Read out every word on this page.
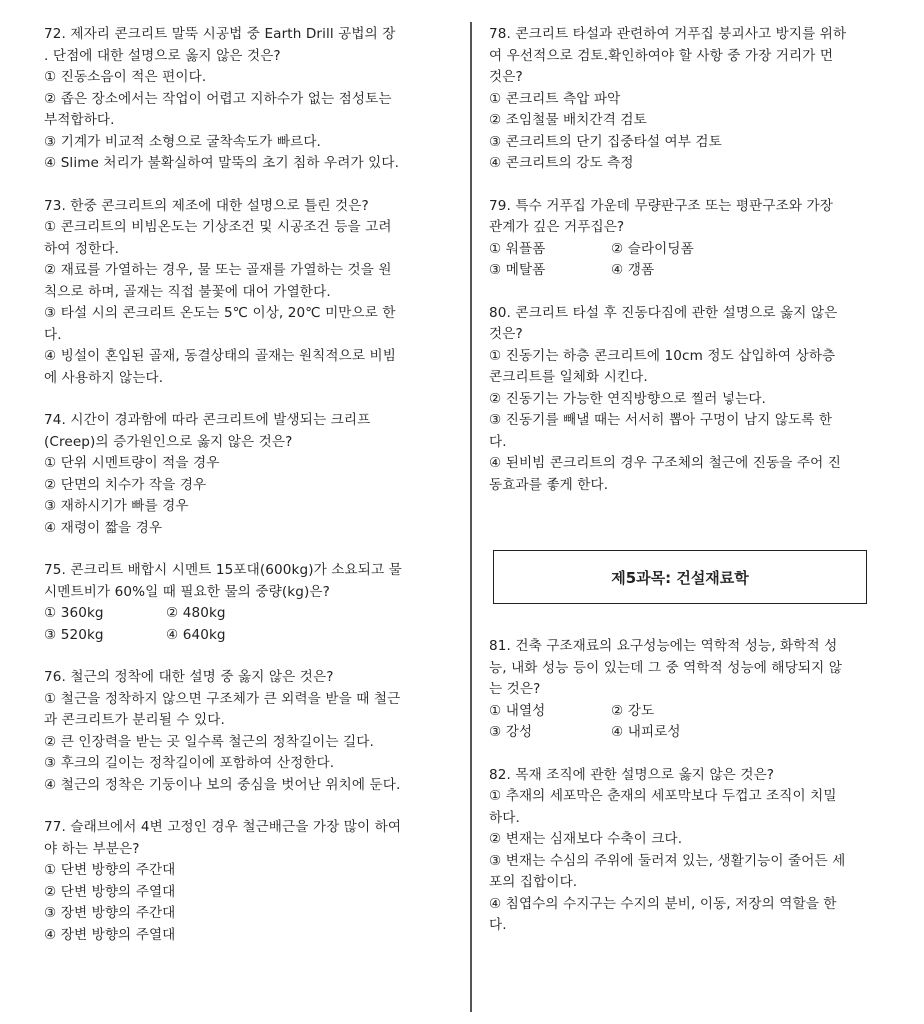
72. 제자리 콘크리트 말뚝 시공법 중 Earth Drill 공법의 장
. 단점에 대한 설명으로 옳지 않은 것은?
① 진동소음이 적은 편이다.
② 좁은 장소에서는 작업이 어렵고 지하수가 없는 점성토는
부적합하다.
③ 기계가 비교적 소형으로 굴착속도가 빠르다.
④ Slime 처리가 불확실하여 말뚝의 초기 침하 우려가 있다.
73. 한중 콘크리트의 제조에 대한 설명으로 틀린 것은?
① 콘크리트의 비빔온도는 기상조건 및 시공조건 등을 고려
하여 정한다.
② 재료를 가열하는 경우, 물 또는 골재를 가열하는 것을 원
칙으로 하며, 골재는 직접 불꽃에 대어 가열한다.
③ 타설 시의 콘크리트 온도는 5℃ 이상, 20℃ 미만으로 한
다.
④ 빙설이 혼입된 골재, 동결상태의 골재는 원칙적으로 비빔
에 사용하지 않는다.
74. 시간이 경과함에 따라 콘크리트에 발생되는 크리프
(Creep)의 증가원인으로 옳지 않은 것은?
① 단위 시멘트량이 적을 경우
② 단면의 치수가 작을 경우
③ 재하시기가 빠를 경우
④ 재령이 짧을 경우
75. 콘크리트 배합시 시멘트 15포대(600kg)가 소요되고 물
시멘트비가 60%일 때 필요한 물의 중량(kg)은?
① 360kg	② 480kg
③ 520kg	④ 640kg
76. 철근의 정착에 대한 설명 중 옳지 않은 것은?
① 철근을 정착하지 않으면 구조체가 큰 외력을 받을 때 철근
과 콘크리트가 분리될 수 있다.
② 큰 인장력을 받는 곳 일수록 철근의 정착길이는 길다.
③ 후크의 길이는 정착길이에 포함하여 산정한다.
④ 철근의 정착은 기둥이나 보의 중심을 벗어난 위치에 둔다.
77. 슬래브에서 4변 고정인 경우 철근배근을 가장 많이 하여
야 하는 부분은?
① 단변 방향의 주간대
② 단변 방향의 주열대
③ 장변 방향의 주간대
④ 장변 방향의 주열대
78. 콘크리트 타설과 관련하여 거푸집 붕괴사고 방지를 위하
여 우선적으로 검토.확인하여야 할 사항 중 가장 거리가 먼
것은?
① 콘크리트 측압 파악
② 조임철물 배치간격 검토
③ 콘크리트의 단기 집중타설 여부 검토
④ 콘크리트의 강도 측정
79. 특수 거푸집 가운데 무량판구조 또는 평판구조와 가장
관계가 깊은 거푸집은?
① 워플폼	② 슬라이딩폼
③ 메탈폼	④ 갱폼
80. 콘크리트 타설 후 진동다짐에 관한 설명으로 옳지 않은
것은?
① 진동기는 하층 콘크리트에 10cm 정도 삽입하여 상하층
콘크리트를 일체화 시킨다.
② 진동기는 가능한 연직방향으로 찔러 넣는다.
③ 진동기를 빼낼 때는 서서히 뽑아 구멍이 남지 않도록 한
다.
④ 된비빔 콘크리트의 경우 구조체의 철근에 진동을 주어 진
동효과를 좋게 한다.
제5과목: 건설재료학
81. 건축 구조재료의 요구성능에는 역학적 성능, 화학적 성
능, 내화 성능 등이 있는데 그 중 역학적 성능에 해당되지 않
는 것은?
① 내열성	② 강도
③ 강성	④ 내피로성
82. 목재 조직에 관한 설명으로 옳지 않은 것은?
① 추재의 세포막은 춘재의 세포막보다 두껍고 조직이 치밀
하다.
② 변재는 심재보다 수축이 크다.
③ 변재는 수심의 주위에 둘러져 있는, 생활기능이 줄어든 세
포의 집합이다.
④ 침엽수의 수지구는 수지의 분비, 이동, 저장의 역할을 한
다.
